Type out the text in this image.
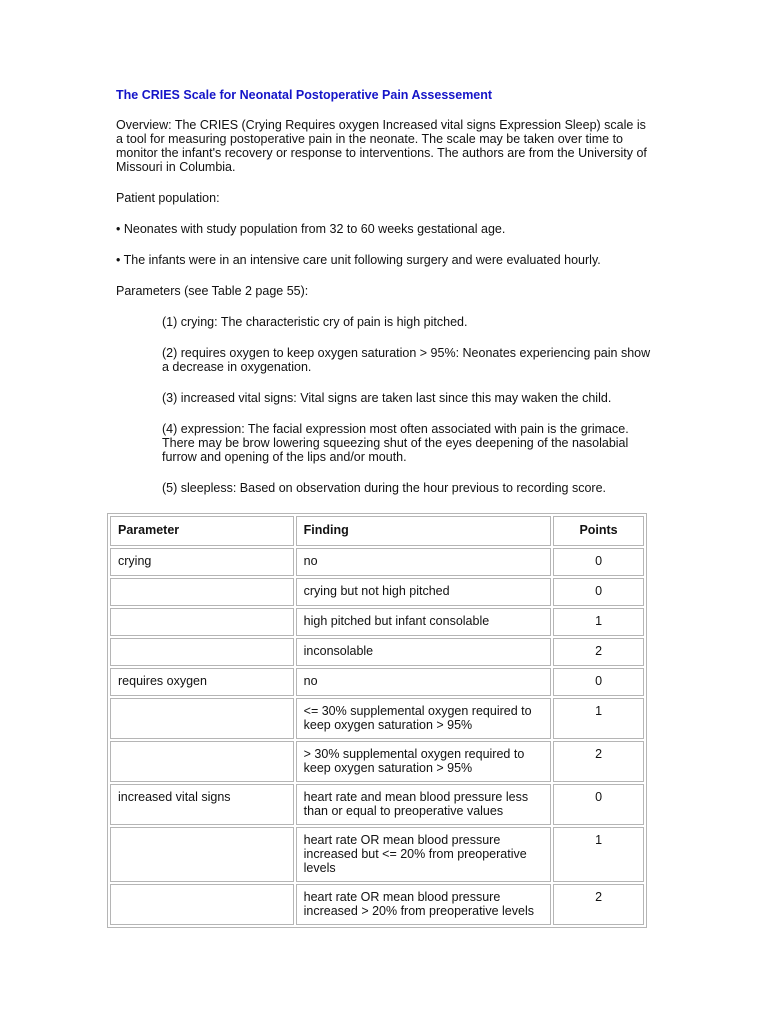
The CRIES Scale for Neonatal Postoperative Pain Assessement

Overview: The CRIES (Crying Requires oxygen Increased vital signs Expression Sleep) scale is a tool for measuring postoperative pain in the neonate. The scale may be taken over time to monitor the infant's recovery or response to interventions. The authors are from the University of Missouri in Columbia.

Patient population:

• Neonates with study population from 32 to 60 weeks gestational age.

• The infants were in an intensive care unit following surgery and were evaluated hourly.

Parameters (see Table 2 page 55):

(1) crying: The characteristic cry of pain is high pitched.

(2) requires oxygen to keep oxygen saturation > 95%: Neonates experiencing pain show a decrease in oxygenation.

(3) increased vital signs: Vital signs are taken last since this may waken the child.

(4) expression: The facial expression most often associated with pain is the grimace. There may be brow lowering squeezing shut of the eyes deepening of the nasolabial furrow and opening of the lips and/or mouth.

(5) sleepless: Based on observation during the hour previous to recording score.

Parameter	Finding	Points
crying	no	0
	crying but not high pitched	0
	high pitched but infant consolable	1
	inconsolable	2
requires oxygen	no	0
	<= 30% supplemental oxygen required to keep oxygen saturation > 95%	1
	> 30% supplemental oxygen required to keep oxygen saturation > 95%	2
increased vital signs	heart rate and mean blood pressure less than or equal to preoperative values	0
	heart rate OR mean blood pressure increased but <= 20% from preoperative levels	1
	heart rate OR mean blood pressure increased > 20% from preoperative levels	2
